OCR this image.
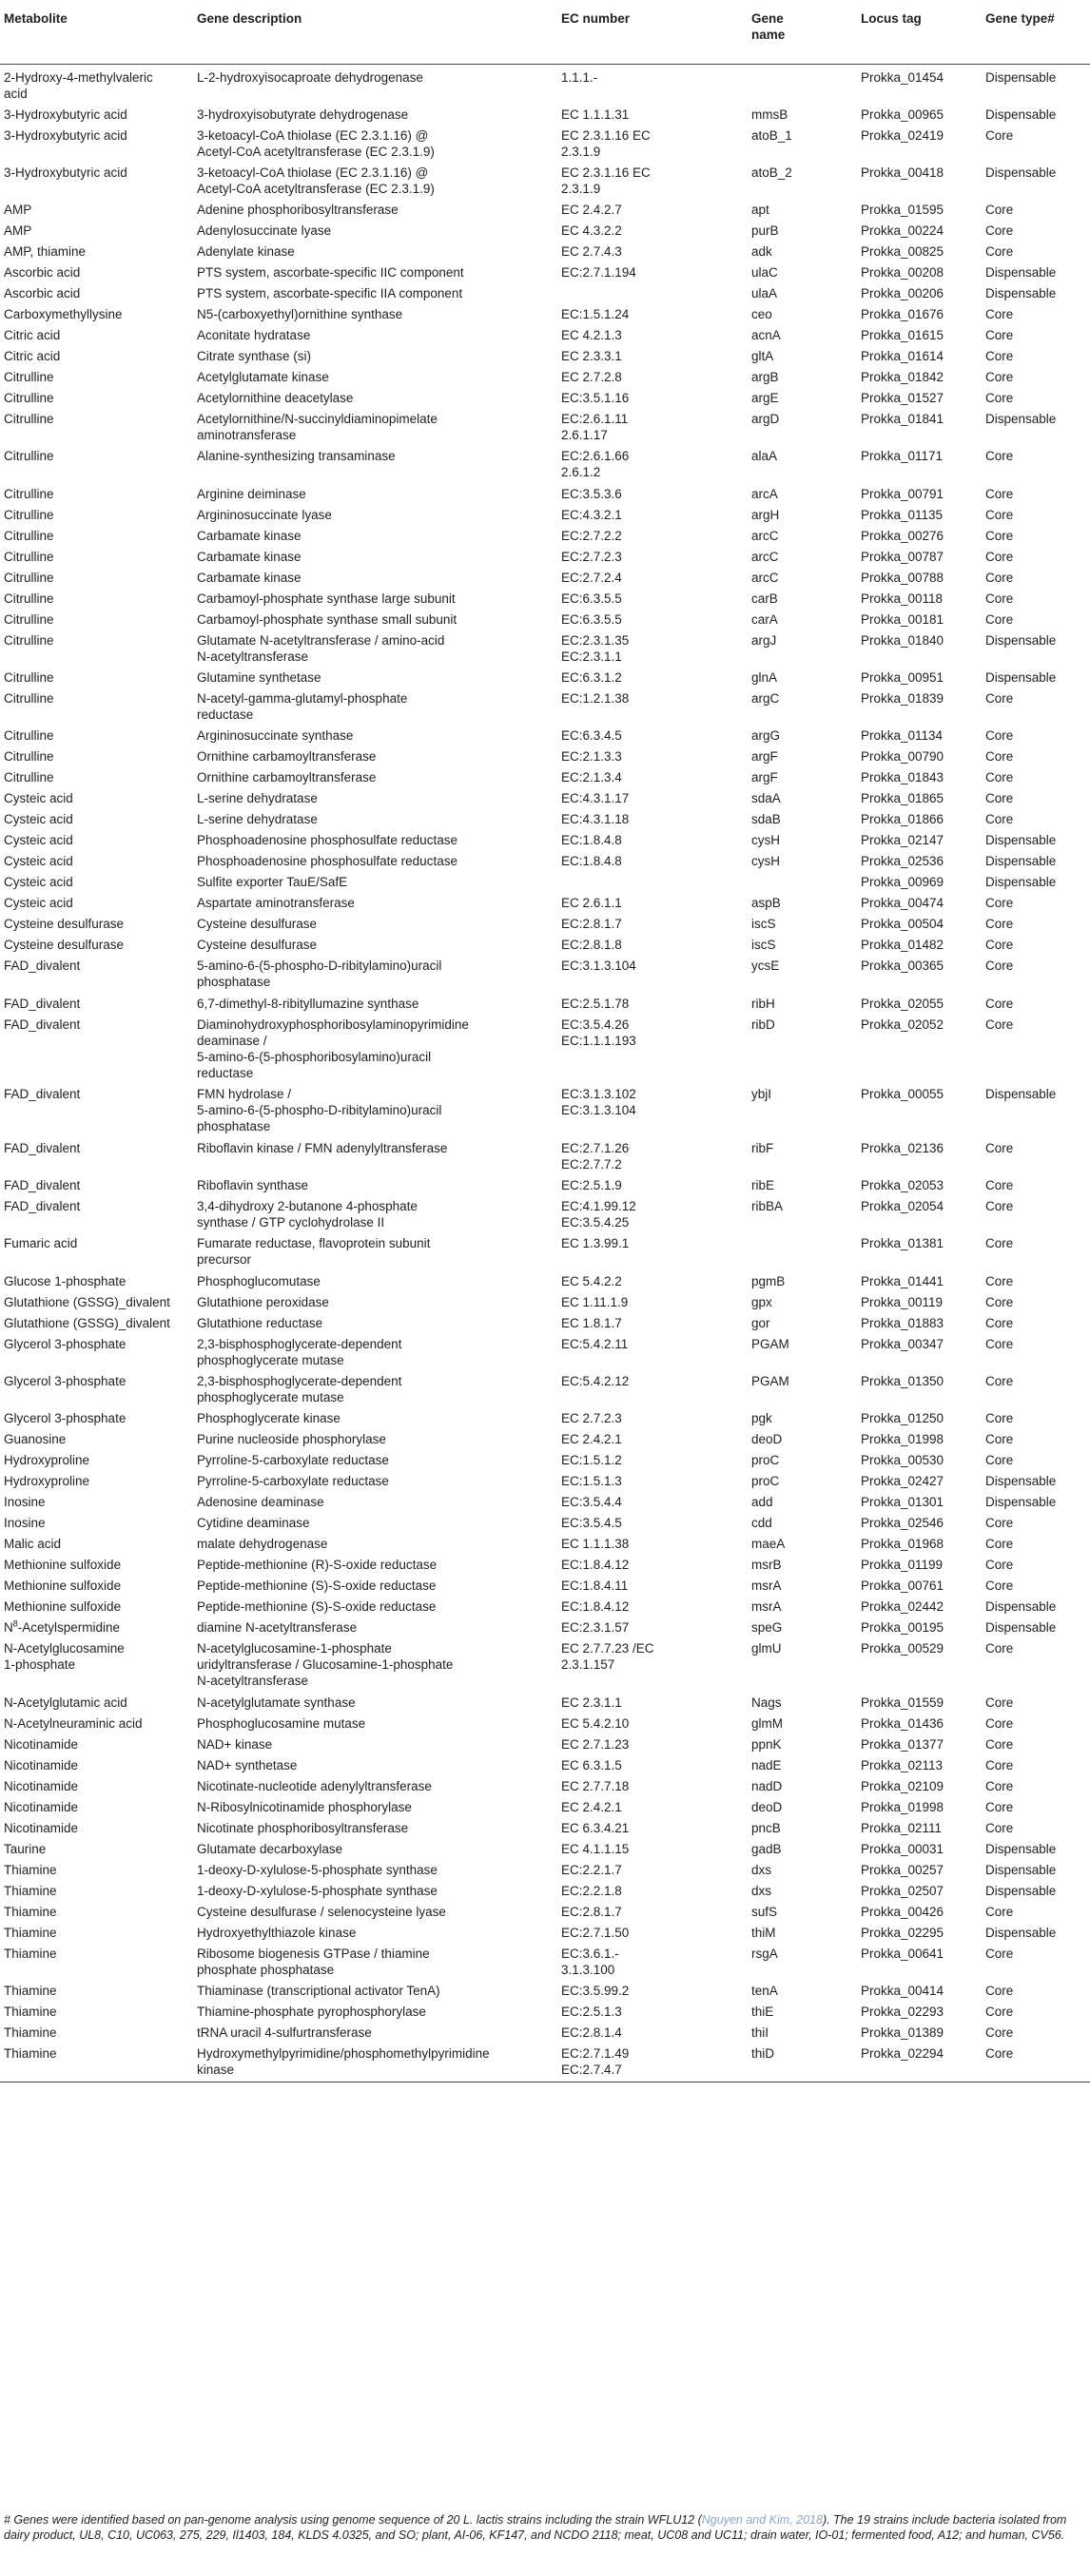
Metabolite	Gene description	EC number	Gene
name	Locus tag	Gene type#

2-Hydroxy-4-methylvaleric
acid	L-2-hydroxyisocaproate dehydrogenase	1.1.1.-		Prokka_01454	Dispensable
3-Hydroxybutyric acid	3-hydroxyisobutyrate dehydrogenase	EC 1.1.1.31	mmsB	Prokka_00965	Dispensable
3-Hydroxybutyric acid	3-ketoacyl-CoA thiolase (EC 2.3.1.16) @
Acetyl-CoA acetyltransferase (EC 2.3.1.9)	EC 2.3.1.16 EC
2.3.1.9	atoB_1	Prokka_02419	Core
3-Hydroxybutyric acid	3-ketoacyl-CoA thiolase (EC 2.3.1.16) @
Acetyl-CoA acetyltransferase (EC 2.3.1.9)	EC 2.3.1.16 EC
2.3.1.9	atoB_2	Prokka_00418	Dispensable
AMP	Adenine phosphoribosyltransferase	EC 2.4.2.7	apt	Prokka_01595	Core
AMP	Adenylosuccinate lyase	EC 4.3.2.2	purB	Prokka_00224	Core
AMP, thiamine	Adenylate kinase	EC 2.7.4.3	adk	Prokka_00825	Core
Ascorbic acid	PTS system, ascorbate-specific IIC component	EC:2.7.1.194	ulaC	Prokka_00208	Dispensable
Ascorbic acid	PTS system, ascorbate-specific IIA component		ulaA	Prokka_00206	Dispensable
Carboxymethyllysine	N5-(carboxyethyl)ornithine synthase	EC:1.5.1.24	ceo	Prokka_01676	Core
Citric acid	Aconitate hydratase	EC 4.2.1.3	acnA	Prokka_01615	Core
Citric acid	Citrate synthase (si)	EC 2.3.3.1	gltA	Prokka_01614	Core
Citrulline	Acetylglutamate kinase	EC 2.7.2.8	argB	Prokka_01842	Core
Citrulline	Acetylornithine deacetylase	EC:3.5.1.16	argE	Prokka_01527	Core
Citrulline	Acetylornithine/N-succinyldiaminopimelate
aminotransferase	EC:2.6.1.11
2.6.1.17	argD	Prokka_01841	Dispensable
Citrulline	Alanine-synthesizing transaminase	EC:2.6.1.66
2.6.1.2	alaA	Prokka_01171	Core
Citrulline	Arginine deiminase	EC:3.5.3.6	arcA	Prokka_00791	Core
Citrulline	Argininosuccinate lyase	EC:4.3.2.1	argH	Prokka_01135	Core
Citrulline	Carbamate kinase	EC:2.7.2.2	arcC	Prokka_00276	Core
Citrulline	Carbamate kinase	EC:2.7.2.3	arcC	Prokka_00787	Core
Citrulline	Carbamate kinase	EC:2.7.2.4	arcC	Prokka_00788	Core
Citrulline	Carbamoyl-phosphate synthase large subunit	EC:6.3.5.5	carB	Prokka_00118	Core
Citrulline	Carbamoyl-phosphate synthase small subunit	EC:6.3.5.5	carA	Prokka_00181	Core
Citrulline	Glutamate N-acetyltransferase / amino-acid
N-acetyltransferase	EC:2.3.1.35
EC:2.3.1.1	argJ	Prokka_01840	Dispensable
Citrulline	Glutamine synthetase	EC:6.3.1.2	glnA	Prokka_00951	Dispensable
Citrulline	N-acetyl-gamma-glutamyl-phosphate
reductase	EC:1.2.1.38	argC	Prokka_01839	Core
Citrulline	Argininosuccinate synthase	EC:6.3.4.5	argG	Prokka_01134	Core
Citrulline	Ornithine carbamoyltransferase	EC:2.1.3.3	argF	Prokka_00790	Core
Citrulline	Ornithine carbamoyltransferase	EC:2.1.3.4	argF	Prokka_01843	Core
Cysteic acid	L-serine dehydratase	EC:4.3.1.17	sdaA	Prokka_01865	Core
Cysteic acid	L-serine dehydratase	EC:4.3.1.18	sdaB	Prokka_01866	Core
Cysteic acid	Phosphoadenosine phosphosulfate reductase	EC:1.8.4.8	cysH	Prokka_02147	Dispensable
Cysteic acid	Phosphoadenosine phosphosulfate reductase	EC:1.8.4.8	cysH	Prokka_02536	Dispensable
Cysteic acid	Sulfite exporter TauE/SafE			Prokka_00969	Dispensable
Cysteic acid	Aspartate aminotransferase	EC 2.6.1.1	aspB	Prokka_00474	Core
Cysteine desulfurase	Cysteine desulfurase	EC:2.8.1.7	iscS	Prokka_00504	Core
Cysteine desulfurase	Cysteine desulfurase	EC:2.8.1.8	iscS	Prokka_01482	Core
FAD_divalent	5-amino-6-(5-phospho-D-ribitylamino)uracil
phosphatase	EC:3.1.3.104	ycsE	Prokka_00365	Core
FAD_divalent	6,7-dimethyl-8-ribityllumazine synthase	EC:2.5.1.78	ribH	Prokka_02055	Core
FAD_divalent	Diaminohydroxyphosphoribosylaminopyrimidine
deaminase /
5-amino-6-(5-phosphoribosylamino)uracil
reductase	EC:3.5.4.26
EC:1.1.1.193	ribD	Prokka_02052	Core
FAD_divalent	FMN hydrolase /
5-amino-6-(5-phospho-D-ribitylamino)uracil
phosphatase	EC:3.1.3.102
EC:3.1.3.104	ybjI	Prokka_00055	Dispensable
FAD_divalent	Riboflavin kinase / FMN adenylyltransferase	EC:2.7.1.26
EC:2.7.7.2	ribF	Prokka_02136	Core
FAD_divalent	Riboflavin synthase	EC:2.5.1.9	ribE	Prokka_02053	Core
FAD_divalent	3,4-dihydroxy 2-butanone 4-phosphate
synthase / GTP cyclohydrolase II	EC:4.1.99.12
EC:3.5.4.25	ribBA	Prokka_02054	Core
Fumaric acid	Fumarate reductase, flavoprotein subunit
precursor	EC 1.3.99.1		Prokka_01381	Core
Glucose 1-phosphate	Phosphoglucomutase	EC 5.4.2.2	pgmB	Prokka_01441	Core
Glutathione (GSSG)_divalent	Glutathione peroxidase	EC 1.11.1.9	gpx	Prokka_00119	Core
Glutathione (GSSG)_divalent	Glutathione reductase	EC 1.8.1.7	gor	Prokka_01883	Core
Glycerol 3-phosphate	2,3-bisphosphoglycerate-dependent
phosphoglycerate mutase	EC:5.4.2.11	PGAM	Prokka_00347	Core
Glycerol 3-phosphate	2,3-bisphosphoglycerate-dependent
phosphoglycerate mutase	EC:5.4.2.12	PGAM	Prokka_01350	Core
Glycerol 3-phosphate	Phosphoglycerate kinase	EC 2.7.2.3	pgk	Prokka_01250	Core
Guanosine	Purine nucleoside phosphorylase	EC 2.4.2.1	deoD	Prokka_01998	Core
Hydroxyproline	Pyrroline-5-carboxylate reductase	EC:1.5.1.2	proC	Prokka_00530	Core
Hydroxyproline	Pyrroline-5-carboxylate reductase	EC:1.5.1.3	proC	Prokka_02427	Dispensable
Inosine	Adenosine deaminase	EC:3.5.4.4	add	Prokka_01301	Dispensable
Inosine	Cytidine deaminase	EC:3.5.4.5	cdd	Prokka_02546	Core
Malic acid	malate dehydrogenase	EC 1.1.1.38	maeA	Prokka_01968	Core
Methionine sulfoxide	Peptide-methionine (R)-S-oxide reductase	EC:1.8.4.12	msrB	Prokka_01199	Core
Methionine sulfoxide	Peptide-methionine (S)-S-oxide reductase	EC:1.8.4.11	msrA	Prokka_00761	Core
Methionine sulfoxide	Peptide-methionine (S)-S-oxide reductase	EC:1.8.4.12	msrA	Prokka_02442	Dispensable
$N^8$-Acetylspermidine	diamine N-acetyltransferase	EC:2.3.1.57	speG	Prokka_00195	Dispensable

N-Acetylglucosamine
1-phosphate	N-acetylglucosamine-1-phosphate
uridyltransferase / Glucosamine-1-phosphate
N-acetyltransferase	EC 2.7.7.23 /EC
2.3.1.157	glmU	Prokka_00529	Core
N-Acetylglutamic acid	N-acetylglutamate synthase	EC 2.3.1.1	Nags	Prokka_01559	Core
N-Acetylneuraminic acid	Phosphoglucosamine mutase	EC 5.4.2.10	glmM	Prokka_01436	Core
Nicotinamide	NAD+ kinase	EC 2.7.1.23	ppnK	Prokka_01377	Core
Nicotinamide	NAD+ synthetase	EC 6.3.1.5	nadE	Prokka_02113	Core
Nicotinamide	Nicotinate-nucleotide adenylyltransferase	EC 2.7.7.18	nadD	Prokka_02109	Core
Nicotinamide	N-Ribosylnicotinamide phosphorylase	EC 2.4.2.1	deoD	Prokka_01998	Core
Nicotinamide	Nicotinate phosphoribosyltransferase	EC 6.3.4.21	pncB	Prokka_02111	Core
Taurine	Glutamate decarboxylase	EC 4.1.1.15	gadB	Prokka_00031	Dispensable
Thiamine	1-deoxy-D-xylulose-5-phosphate synthase	EC:2.2.1.7	dxs	Prokka_00257	Dispensable
Thiamine	1-deoxy-D-xylulose-5-phosphate synthase	EC:2.2.1.8	dxs	Prokka_02507	Dispensable
Thiamine	Cysteine desulfurase / selenocysteine lyase	EC:2.8.1.7	sufS	Prokka_00426	Core
Thiamine	Hydroxyethylthiazole kinase	EC:2.7.1.50	thiM	Prokka_02295	Dispensable
Thiamine	Ribosome biogenesis GTPase / thiamine
phosphate phosphatase	EC:3.6.1.-
3.1.3.100	rsgA	Prokka_00641	Core
Thiamine	Thiaminase (transcriptional activator TenA)	EC:3.5.99.2	tenA	Prokka_00414	Core
Thiamine	Thiamine-phosphate pyrophosphorylase	EC:2.5.1.3	thiE	Prokka_02293	Core
Thiamine	tRNA uracil 4-sulfurtransferase	EC:2.8.1.4	thiI	Prokka_01389	Core
Thiamine	Hydroxymethylpyrimidine/phosphomethylpyrimidine
kinase	EC:2.7.1.49
EC:2.7.4.7	thiD	Prokka_02294	Core
# Genes were identified based on pan-genome analysis using genome sequence of 20 L. lactis strains including the strain WFLU12 (Nguyen and Kim, 2018). The 19 strains include bacteria isolated from dairy product, UL8, C10, UC063, 275, 229, Il1403, 184, KLDS 4.0325, and SO; plant, AI-06, KF147, and NCDO 2118; meat, UC08 and UC11; drain water, IO-01; fermented food, A12; and human, CV56.
